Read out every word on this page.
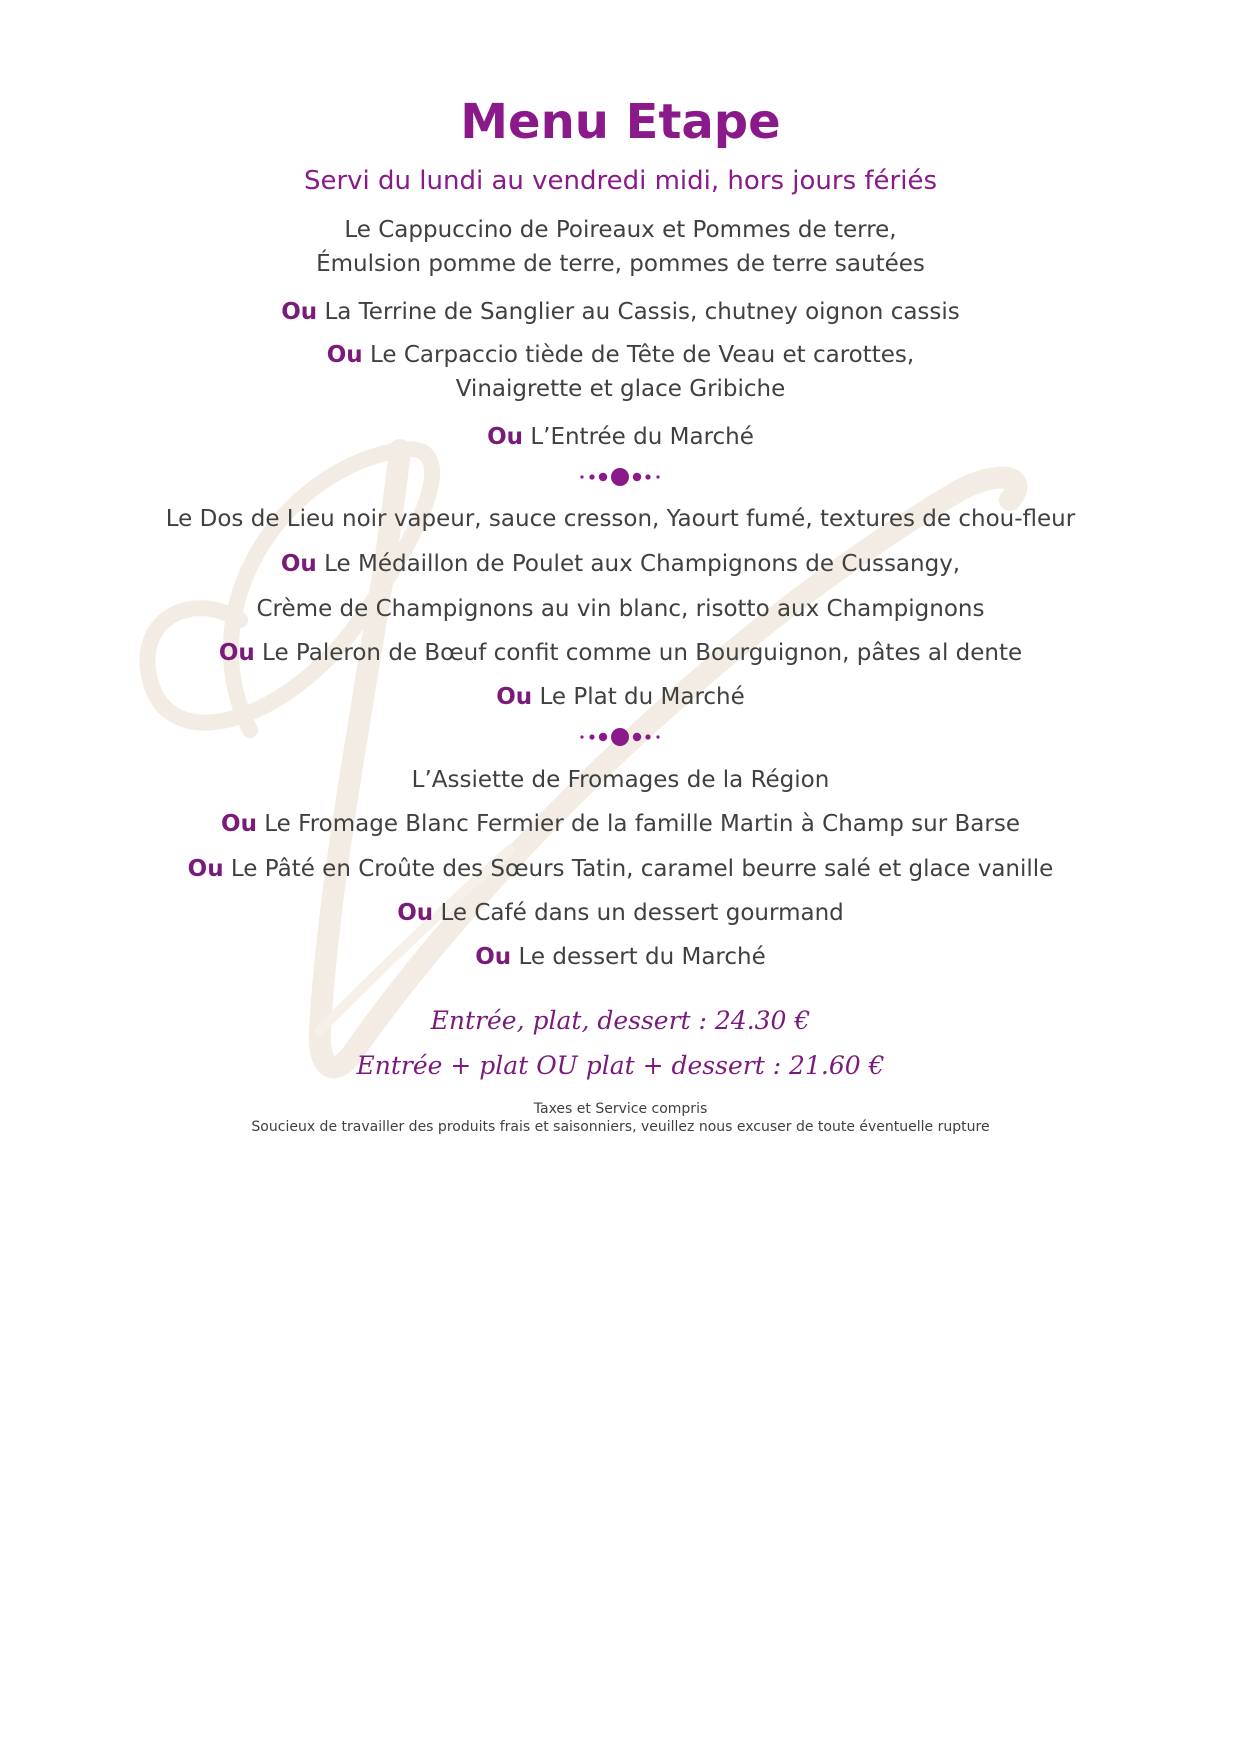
Menu Etape
Servi du lundi au vendredi midi, hors jours fériés
Le Cappuccino de Poireaux et Pommes de terre,
Émulsion pomme de terre, pommes de terre sautées
Ou La Terrine de Sanglier au Cassis, chutney oignon cassis
Ou Le Carpaccio tiède de Tête de Veau et carottes,
Vinaigrette et glace Gribiche
Ou L’Entrée du Marché
Le Dos de Lieu noir vapeur, sauce cresson, Yaourt fumé, textures de chou-fleur
Ou Le Médaillon de Poulet aux Champignons de Cussangy,
Crème de Champignons au vin blanc, risotto aux Champignons
Ou Le Paleron de Bœuf confit comme un Bourguignon, pâtes al dente
Ou Le Plat du Marché
L’Assiette de Fromages de la Région
Ou Le Fromage Blanc Fermier de la famille Martin à Champ sur Barse
Ou Le Pâté en Croûte des Sœurs Tatin, caramel beurre salé et glace vanille
Ou Le Café dans un dessert gourmand
Ou Le dessert du Marché
Entrée, plat, dessert : 24.30 €
Entrée + plat OU plat + dessert : 21.60 €
Taxes et Service compris
Soucieux de travailler des produits frais et saisonniers, veuillez nous excuser de toute éventuelle rupture
